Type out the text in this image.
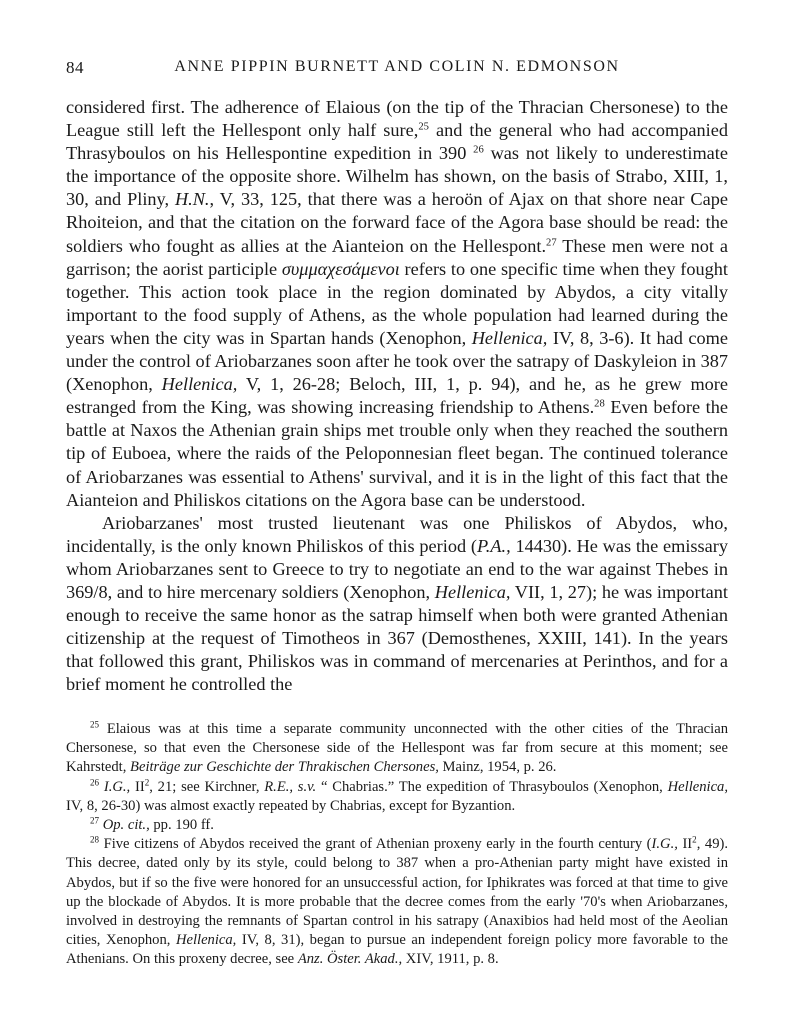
84	ANNE PIPPIN BURNETT AND COLIN N. EDMONSON

considered first. The adherence of Elaious (on the tip of the Thracian Chersonese) to the League still left the Hellespont only half sure,$^{25}$ and the general who had accompanied Thrasyboulos on his Hellespontine expedition in 390 $^{26}$ was not likely to underestimate the importance of the opposite shore. Wilhelm has shown, on the basis of Strabo, XIII, 1, 30, and Pliny, H.N., V, 33, 125, that there was a heroön of Ajax on that shore near Cape Rhoiteion, and that the citation on the forward face of the Agora base should be read: the soldiers who fought as allies at the Aianteion on the Hellespont.$^{27}$ These men were not a garrison; the aorist participle συμμαχεσάμενοι refers to one specific time when they fought together. This action took place in the region dominated by Abydos, a city vitally important to the food supply of Athens, as the whole population had learned during the years when the city was in Spartan hands (Xenophon, Hellenica, IV, 8, 3-6). It had come under the control of Ariobarzanes soon after he took over the satrapy of Daskyleion in 387 (Xenophon, Hellenica, V, 1, 26-28; Beloch, III, 1, p. 94), and he, as he grew more estranged from the King, was showing increasing friendship to Athens.$^{28}$ Even before the battle at Naxos the Athenian grain ships met trouble only when they reached the southern tip of Euboea, where the raids of the Peloponnesian fleet began. The continued tolerance of Ariobarzanes was essential to Athens' survival, and it is in the light of this fact that the Aianteion and Philiskos citations on the Agora base can be understood.

Ariobarzanes' most trusted lieutenant was one Philiskos of Abydos, who, incidentally, is the only known Philiskos of this period (P.A., 14430). He was the emissary whom Ariobarzanes sent to Greece to try to negotiate an end to the war against Thebes in 369/8, and to hire mercenary soldiers (Xenophon, Hellenica, VII, 1, 27); he was important enough to receive the same honor as the satrap himself when both were granted Athenian citizenship at the request of Timotheos in 367 (Demosthenes, XXIII, 141). In the years that followed this grant, Philiskos was in command of mercenaries at Perinthos, and for a brief moment he controlled the

$^{25}$ Elaious was at this time a separate community unconnected with the other cities of the Thracian Chersonese, so that even the Chersonese side of the Hellespont was far from secure at this moment; see Kahrstedt, Beiträge zur Geschichte der Thrakischen Chersones, Mainz, 1954, p. 26.

$^{26}$ I.G., $II^2$, 21; see Kirchner, R.E., s.v. “ Chabrias.” The expedition of Thrasyboulos (Xenophon, Hellenica, IV, 8, 26-30) was almost exactly repeated by Chabrias, except for Byzantion.

$^{27}$ Op. cit., pp. 190 ff.

$^{28}$ Five citizens of Abydos received the grant of Athenian proxeny early in the fourth century (I.G., $II^2$, 49). This decree, dated only by its style, could belong to 387 when a pro-Athenian party might have existed in Abydos, but if so the five were honored for an unsuccessful action, for Iphikrates was forced at that time to give up the blockade of Abydos. It is more probable that the decree comes from the early '70's when Ariobarzanes, involved in destroying the remnants of Spartan control in his satrapy (Anaxibios had held most of the Aeolian cities, Xenophon, Hellenica, IV, 8, 31), began to pursue an independent foreign policy more favorable to the Athenians. On this proxeny decree, see Anz. Öster. Akad., XIV, 1911, p. 8.
